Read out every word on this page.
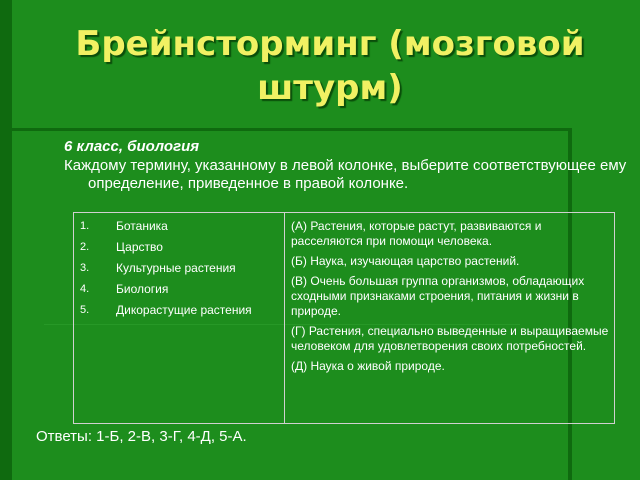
Брейнсторминг (мозговой штурм)

6 класс, биология

Каждому термину, указанному в левой колонке, выберите соответствующее ему определение, приведенное в правой колонке.

1. Ботаника
2. Царство
3. Культурные растения
4. Биология
5. Дикорастущие растения
(А) Растения, которые растут, развиваются и расселяются при помощи человека.
(Б) Наука, изучающая царство растений.
(В) Очень большая группа организмов, обладающих сходными признаками строения, питания и жизни в природе.
(Г) Растения, специально выведенные и выращиваемые человеком для удовлетворения своих потребностей.
(Д) Наука о живой природе.

Ответы: 1-Б, 2-В, 3-Г, 4-Д, 5-А.
